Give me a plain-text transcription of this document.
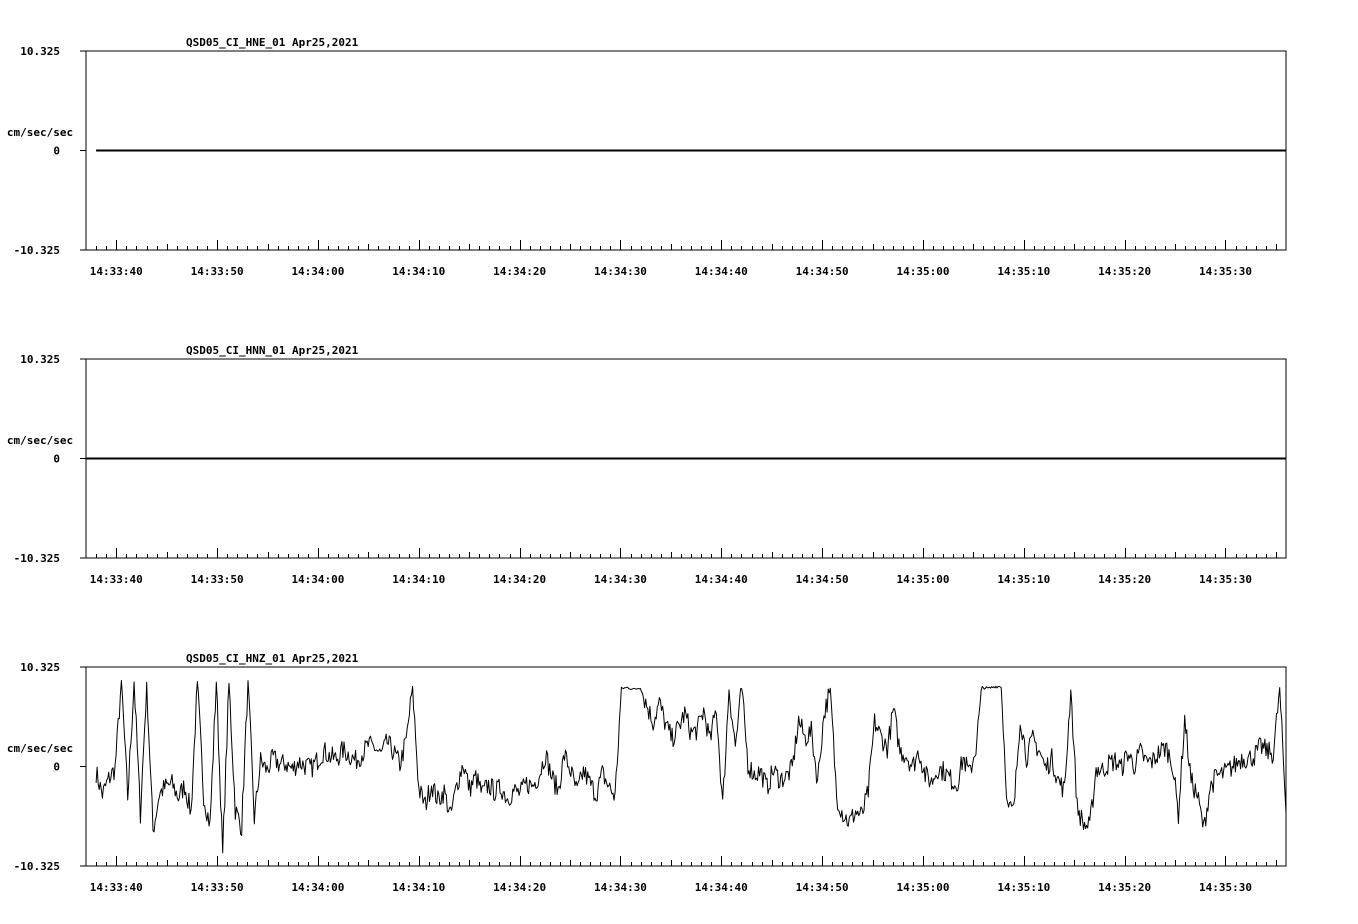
10.325
0
-10.325
cm/sec/sec
QSD05_CI_HNE_01 Apr25,2021
14:33:40	14:33:50	14:34:00	14:34:10	14:34:20	14:34:30	14:34:40	14:34:50	14:35:00	14:35:10	14:35:20	14:35:30
10.325
0
-10.325
cm/sec/sec
QSD05_CI_HNN_01 Apr25,2021
14:33:40	14:33:50	14:34:00	14:34:10	14:34:20	14:34:30	14:34:40	14:34:50	14:35:00	14:35:10	14:35:20	14:35:30
10.325
0
-10.325
cm/sec/sec
QSD05_CI_HNZ_01 Apr25,2021
14:33:40	14:33:50	14:34:00	14:34:10	14:34:20	14:34:30	14:34:40	14:34:50	14:35:00	14:35:10	14:35:20	14:35:30
